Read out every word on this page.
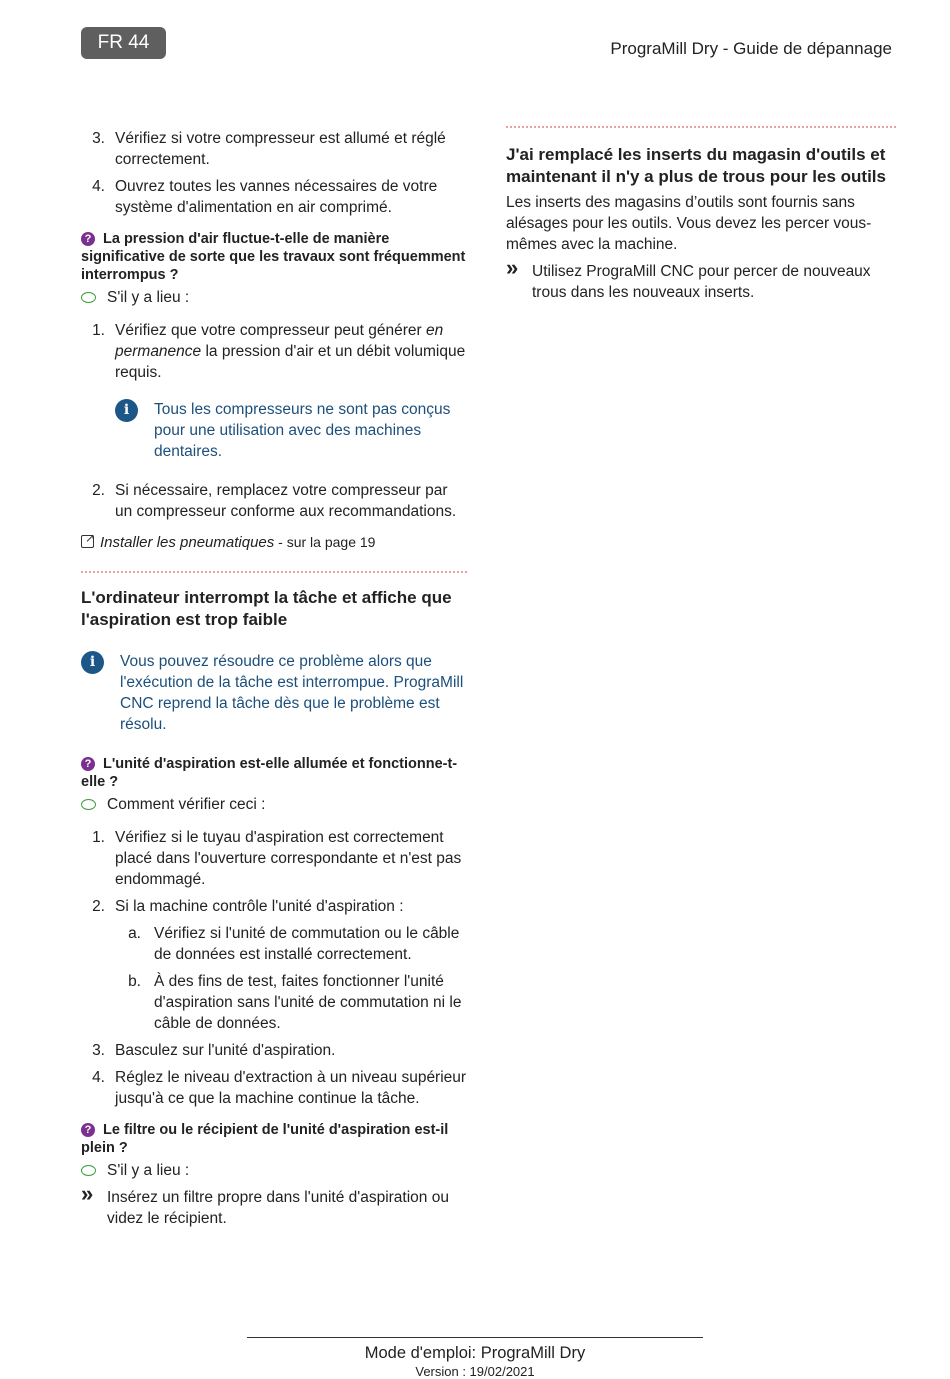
FR 44	PrograMill Dry - Guide de dépannage
3. Vérifiez si votre compresseur est allumé et réglé correctement.
4. Ouvrez toutes les vannes nécessaires de votre système d'alimentation en air comprimé.
? La pression d'air fluctue-t-elle de manière significative de sorte que les travaux sont fréquemment interrompus ?
S'il y a lieu :
1. Vérifiez que votre compresseur peut générer en permanence la pression d'air et un débit volumique requis.
i	Tous les compresseurs ne sont pas conçus pour une utilisation avec des machines dentaires.
2. Si nécessaire, remplacez votre compresseur par un compresseur conforme aux recommandations.
↗Installer les pneumatiques - sur la page 19
L'ordinateur interrompt la tâche et affiche que l'aspiration est trop faible
i	Vous pouvez résoudre ce problème alors que l'exécution de la tâche est interrompue. PrograMill CNC reprend la tâche dès que le problème est résolu.
? L'unité d'aspiration est-elle allumée et fonctionne-t-elle ?
Comment vérifier ceci :
1. Vérifiez si le tuyau d'aspiration est correctement placé dans l'ouverture correspondante et n'est pas endommagé.
2. Si la machine contrôle l'unité d'aspiration :
a. Vérifiez si l'unité de commutation ou le câble de données est installé correctement.
b. À des fins de test, faites fonctionner l'unité d'aspiration sans l'unité de commutation ni le câble de données.
3. Basculez sur l'unité d'aspiration.
4. Réglez le niveau d'extraction à un niveau supérieur jusqu'à ce que la machine continue la tâche.
? Le filtre ou le récipient de l'unité d'aspiration est-il plein ?
S'il y a lieu :
» Insérez un filtre propre dans l'unité d'aspiration ou videz le récipient.
J'ai remplacé les inserts du magasin d'outils et maintenant il n'y a plus de trous pour les outils
Les inserts des magasins d’outils sont fournis sans alésages pour les outils. Vous devez les percer vous-mêmes avec la machine.
» Utilisez PrograMill CNC pour percer de nouveaux trous dans les nouveaux inserts.
Mode d'emploi: PrograMill Dry
Version : 19/02/2021
